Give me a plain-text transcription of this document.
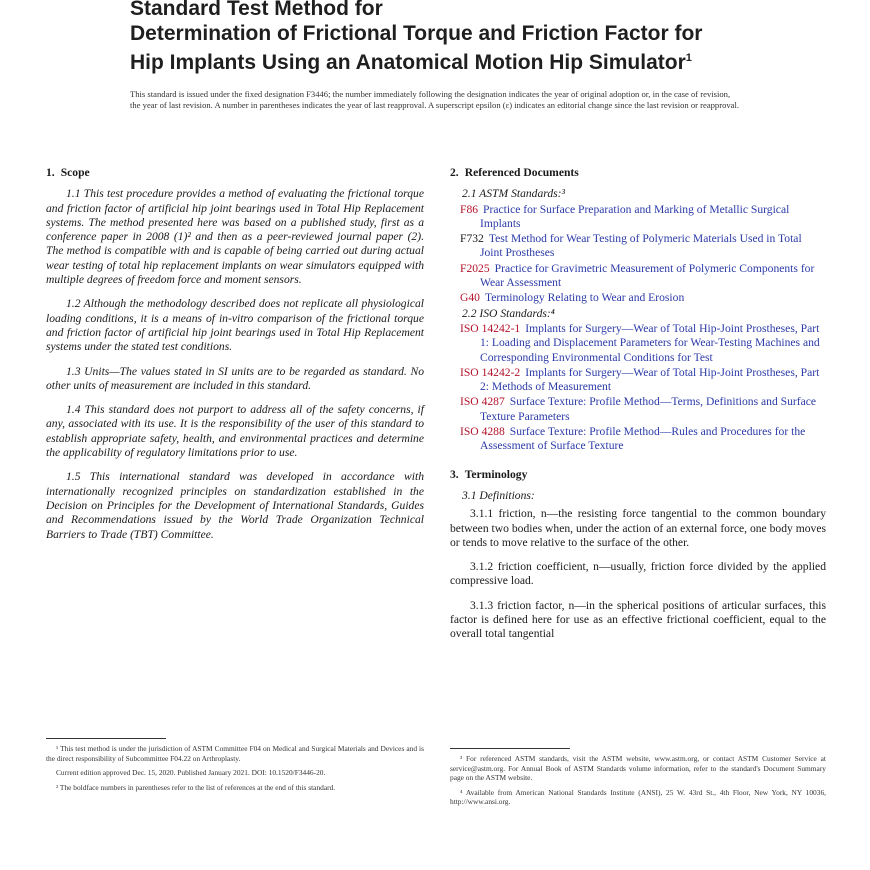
Standard Test Method for
Determination of Frictional Torque and Friction Factor for
Hip Implants Using an Anatomical Motion Hip Simulator$^1$
This standard is issued under the fixed designation F3446; the number immediately following the designation indicates the year of original adoption or, in the case of revision, the year of last revision. A number in parentheses indicates the year of last reapproval. A superscript epsilon (ε) indicates an editorial change since the last revision or reapproval.
1. Scope

1.1 This test procedure provides a method of evaluating the frictional torque and friction factor of artificial hip joint bearings used in Total Hip Replacement systems. The method presented here was based on a published study, first as a conference paper in 2008 (1)² and then as a peer-reviewed journal paper (2). The method is compatible with and is capable of being carried out during actual wear testing of total hip replacement implants on wear simulators equipped with multiple degrees of freedom force and moment sensors.

1.2 Although the methodology described does not replicate all physiological loading conditions, it is a means of in-vitro comparison of the frictional torque and friction factor of artificial hip joint bearings used in Total Hip Replacement systems under the stated test conditions.

1.3 Units—The values stated in SI units are to be regarded as standard. No other units of measurement are included in this standard.

1.4 This standard does not purport to address all of the safety concerns, if any, associated with its use. It is the responsibility of the user of this standard to establish appropriate safety, health, and environmental practices and determine the applicability of regulatory limitations prior to use.

1.5 This international standard was developed in accordance with internationally recognized principles on standardization established in the Decision on Principles for the Development of International Standards, Guides and Recommendations issued by the World Trade Organization Technical Barriers to Trade (TBT) Committee.

2. Referenced Documents
2.1 ASTM Standards:³
F86 Practice for Surface Preparation and Marking of Metallic Surgical Implants
F732 Test Method for Wear Testing of Polymeric Materials Used in Total Joint Prostheses
F2025 Practice for Gravimetric Measurement of Polymeric Components for Wear Assessment
G40 Terminology Relating to Wear and Erosion
2.2 ISO Standards:⁴
ISO 14242-1 Implants for Surgery—Wear of Total Hip-Joint Prostheses, Part 1: Loading and Displacement Parameters for Wear-Testing Machines and Corresponding Environmental Conditions for Test
ISO 14242-2 Implants for Surgery—Wear of Total Hip-Joint Prostheses, Part 2: Methods of Measurement
ISO 4287 Surface Texture: Profile Method—Terms, Definitions and Surface Texture Parameters
ISO 4288 Surface Texture: Profile Method—Rules and Procedures for the Assessment of Surface Texture
3. Terminology
3.1 Definitions:

3.1.1 friction, n—the resisting force tangential to the common boundary between two bodies when, under the action of an external force, one body moves or tends to move relative to the surface of the other.

3.1.2 friction coefficient, n—usually, friction force divided by the applied compressive load.

3.1.3 friction factor, n—in the spherical positions of articular surfaces, this factor is defined here for use as an effective frictional coefficient, equal to the overall total tangential

¹ This test method is under the jurisdiction of ASTM Committee F04 on Medical and Surgical Materials and Devices and is the direct responsibility of Subcommittee F04.22 on Arthroplasty.

Current edition approved Dec. 15, 2020. Published January 2021. DOI: 10.1520/F3446-20.

² The boldface numbers in parentheses refer to the list of references at the end of this standard.

³ For referenced ASTM standards, visit the ASTM website, www.astm.org, or contact ASTM Customer Service at service@astm.org. For Annual Book of ASTM Standards volume information, refer to the standard's Document Summary page on the ASTM website.

⁴ Available from American National Standards Institute (ANSI), 25 W. 43rd St., 4th Floor, New York, NY 10036, http://www.ansi.org.
